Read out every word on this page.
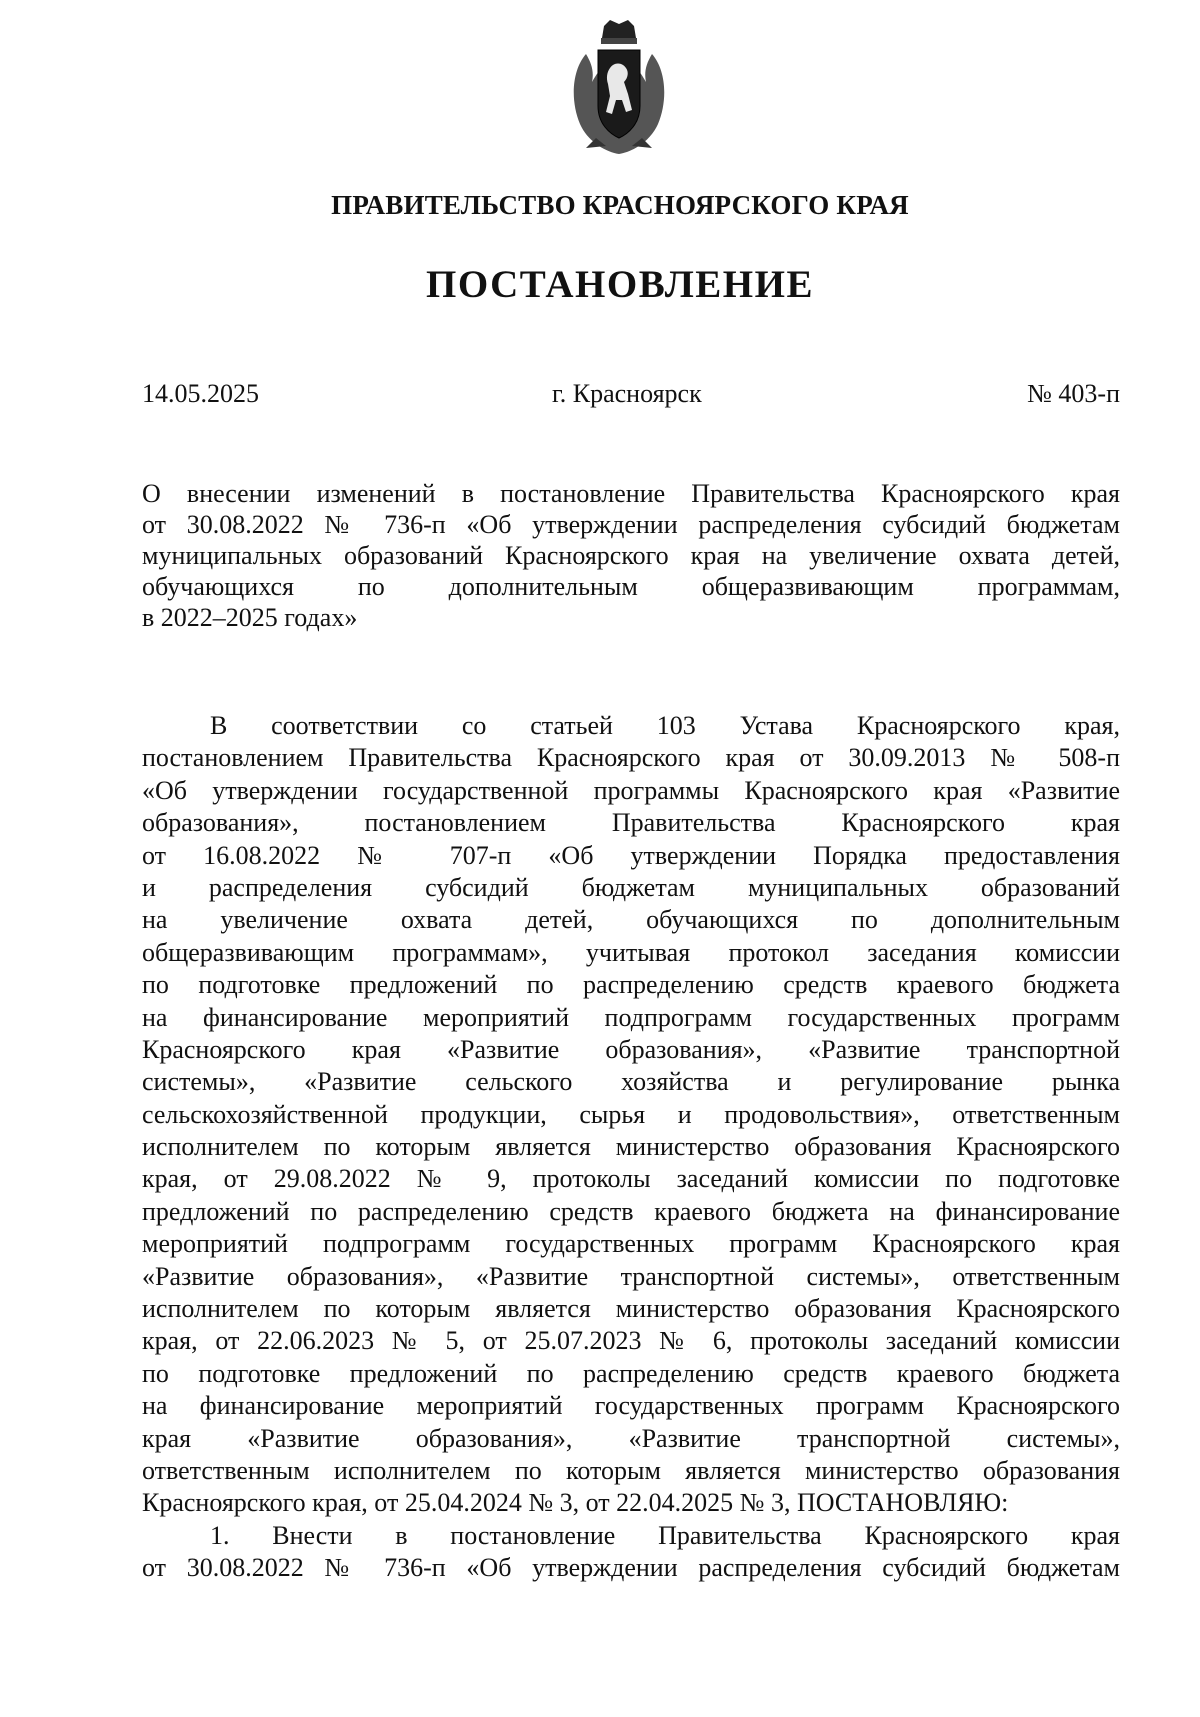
ПРАВИТЕЛЬСТВО КРАСНОЯРСКОГО КРАЯ
ПОСТАНОВЛЕНИЕ
14.05.2025	г. Красноярск	№ 403-п
О внесении изменений в постановление Правительства Красноярского края
от 30.08.2022 № 736-п «Об утверждении распределения субсидий бюджетам
муниципальных образований Красноярского края на увеличение охвата детей,
обучающихся по дополнительным общеразвивающим программам,
в 2022–2025 годах»
В соответствии со статьей 103 Устава Красноярского края,
постановлением Правительства Красноярского края от 30.09.2013 № 508-п
«Об утверждении государственной программы Красноярского края «Развитие
образования», постановлением Правительства Красноярского края
от 16.08.2022 № 707-п «Об утверждении Порядка предоставления
и распределения субсидий бюджетам муниципальных образований
на увеличение охвата детей, обучающихся по дополнительным
общеразвивающим программам», учитывая протокол заседания комиссии
по подготовке предложений по распределению средств краевого бюджета
на финансирование мероприятий подпрограмм государственных программ
Красноярского края «Развитие образования», «Развитие транспортной
системы», «Развитие сельского хозяйства и регулирование рынка
сельскохозяйственной продукции, сырья и продовольствия», ответственным
исполнителем по которым является министерство образования Красноярского
края, от 29.08.2022 № 9, протоколы заседаний комиссии по подготовке
предложений по распределению средств краевого бюджета на финансирование
мероприятий подпрограмм государственных программ Красноярского края
«Развитие образования», «Развитие транспортной системы», ответственным
исполнителем по которым является министерство образования Красноярского
края, от 22.06.2023 № 5, от 25.07.2023 № 6, протоколы заседаний комиссии
по подготовке предложений по распределению средств краевого бюджета
на финансирование мероприятий государственных программ Красноярского
края «Развитие образования», «Развитие транспортной системы»,
ответственным исполнителем по которым является министерство образования
Красноярского края, от 25.04.2024 № 3, от 22.04.2025 № 3, ПОСТАНОВЛЯЮ:
1. Внести в постановление Правительства Красноярского края
от 30.08.2022 № 736-п «Об утверждении распределения субсидий бюджетам
